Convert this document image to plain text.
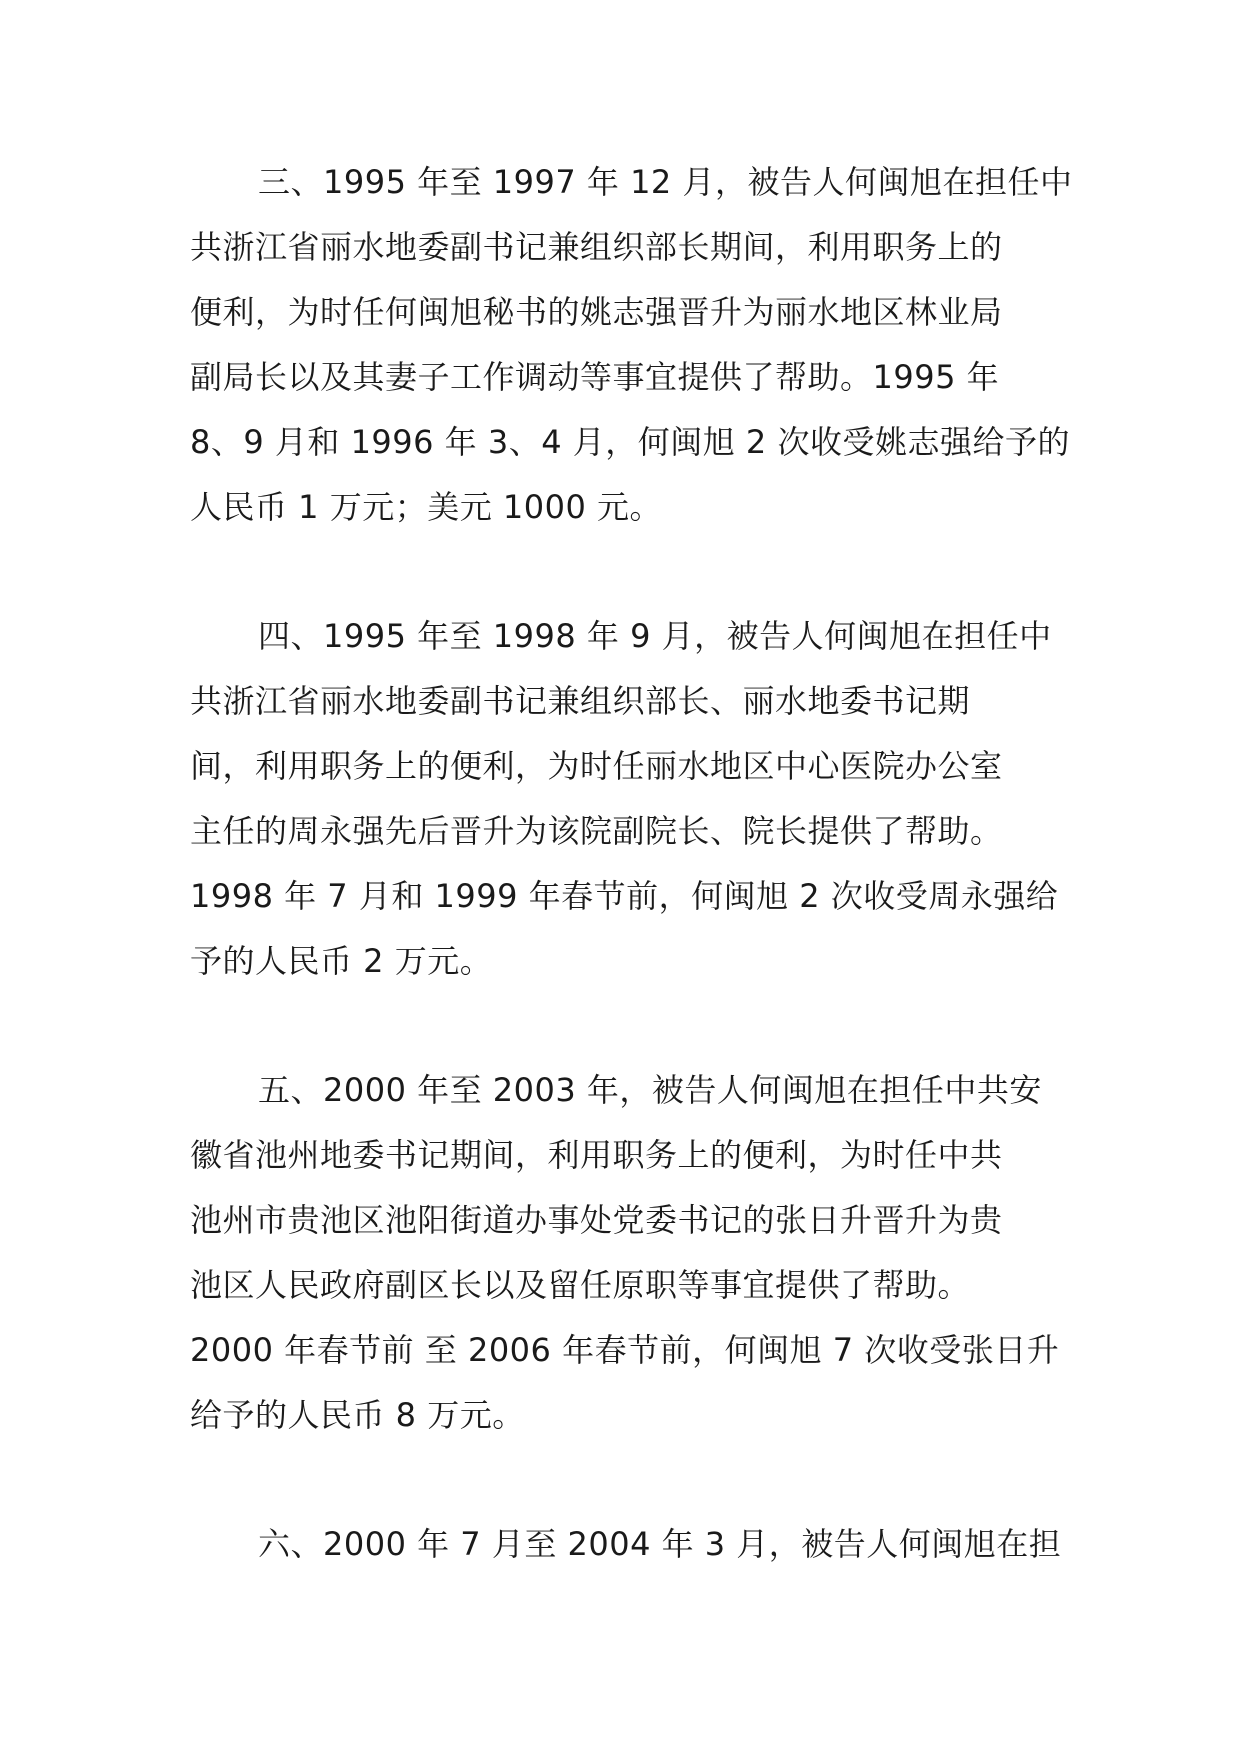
三、1995 年至 1997 年 12 月，被告人何闽旭在担任中
共浙江省丽水地委副书记兼组织部长期间，利用职务上的
便利，为时任何闽旭秘书的姚志强晋升为丽水地区林业局
副局长以及其妻子工作调动等事宜提供了帮助。1995 年
8、9 月和 1996 年 3、4 月，何闽旭 2 次收受姚志强给予的
人民币 1 万元；美元 1000 元。
四、1995 年至 1998 年 9 月，被告人何闽旭在担任中
共浙江省丽水地委副书记兼组织部长、丽水地委书记期
间，利用职务上的便利，为时任丽水地区中心医院办公室
主任的周永强先后晋升为该院副院长、院长提供了帮助。
1998 年 7 月和 1999 年春节前，何闽旭 2 次收受周永强给
予的人民币 2 万元。
五、2000 年至 2003 年，被告人何闽旭在担任中共安
徽省池州地委书记期间，利用职务上的便利，为时任中共
池州市贵池区池阳街道办事处党委书记的张日升晋升为贵
池区人民政府副区长以及留任原职等事宜提供了帮助。
2000 年春节前 至 2006 年春节前，何闽旭 7 次收受张日升
给予的人民币 8 万元。
六、2000 年 7 月至 2004 年 3 月，被告人何闽旭在担
